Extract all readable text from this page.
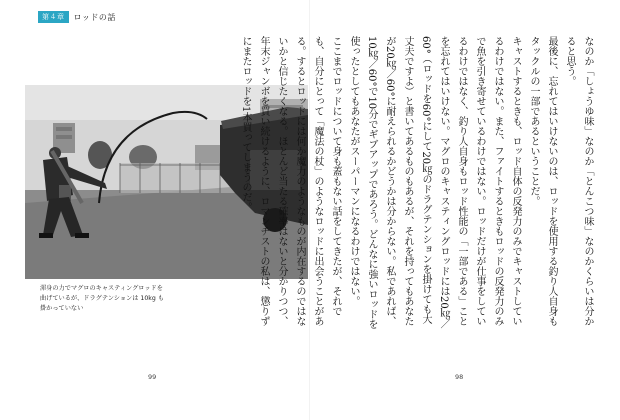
第４章	ロッドの話
渾身の力でマグロのキャスティングロッドを
曲げているが、ドラグテンションは 10kg も
掛かっていない
99

なのか「しょうゆ味」なのか「とんこつ味」なのかくらいは分かると思う。

最後に、忘れてはいけないのは、ロッドを使用する釣り人自身もタックルの一部であるということだ。

キャストするときも、ロッド自体の反発力のみでキャストしているわけではない。また、ファイトするときもロッドの反発力のみで魚を引き寄せているわけではない。ロッドだけが仕事をしているわけではなく、釣り人自身もロッド性能の「一部である」ことを忘れてはいけない。マグロのキャスティングロッドには20㎏／60°（ロッドを60°にして20㎏のドラグテンションを掛けても大丈夫ですよ）と書いてあるものもあるが、それを持ってもあなたが20㎏／60°に耐えられるかどうかは分からない。私であれば、10㎏／60°で10分でギブアップであろう。どんなに強いロッドを使ったとしてもあなたがスーパーマンになるわけではない。

ここまでロッドについて身も蓋もない話をしてきたが、それでも、自分にとって「魔法の杖」のようなロッドに出会うことがある。するとロッドには何か魔力のようなものが内在するのではないかと信じたくなる。ほとんど当たる確率はないと分かりつつ、年末ジャンボを買い続けるように、ロマンチストの私は、懲りずにまたロッドを1本買ってしまうのだ。

98
